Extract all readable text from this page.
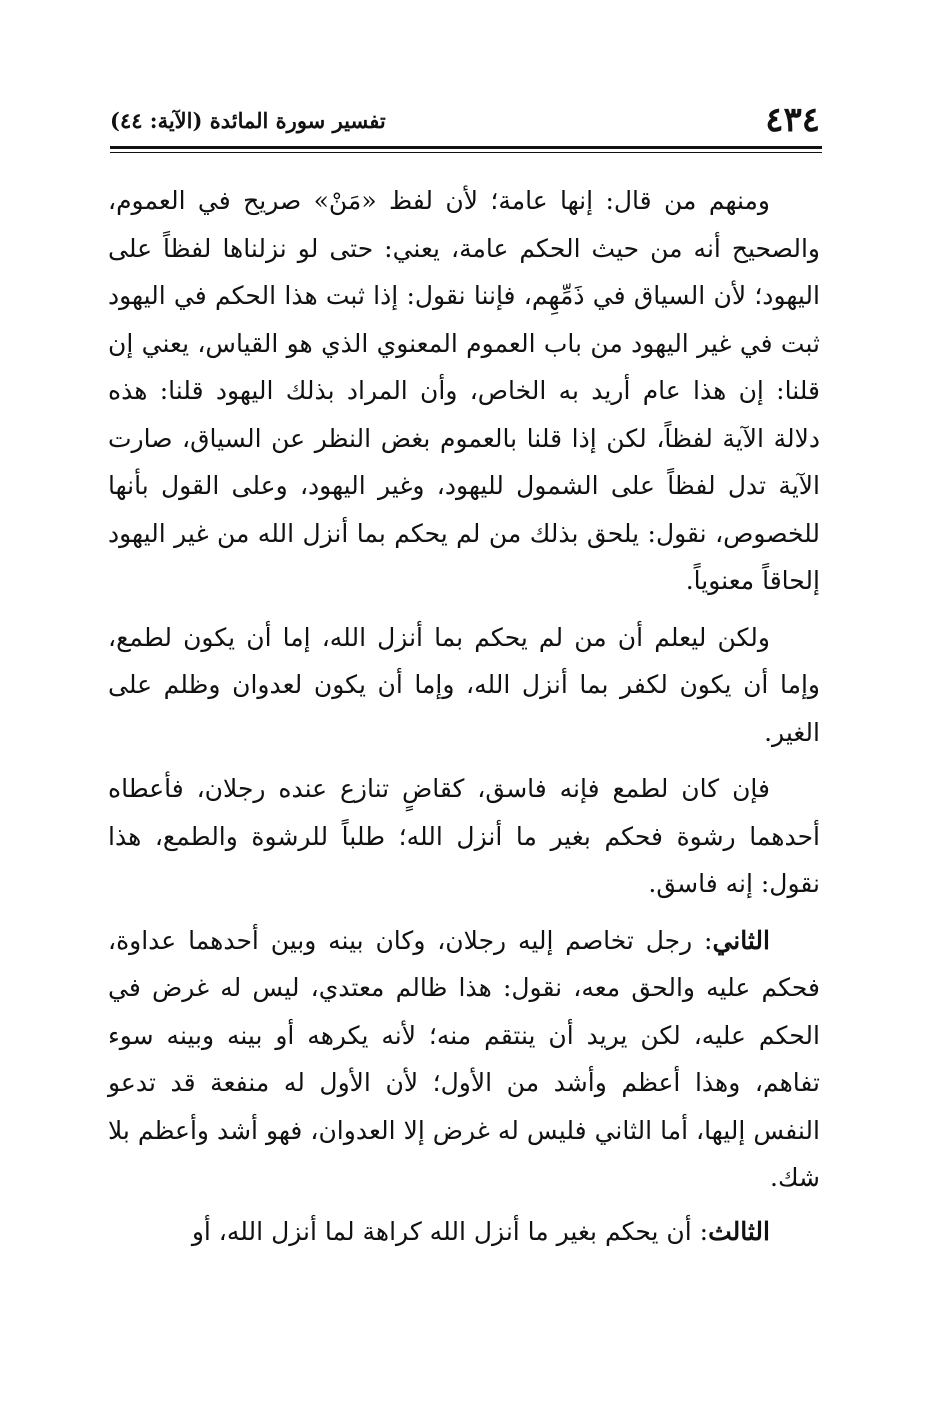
٤٣٤
تفسير سورة المائدة (الآية: ٤٤)

ومنهم من قال: إنها عامة؛ لأن لفظ «مَنْ» صريح في العموم، والصحيح أنه من حيث الحكم عامة، يعني: حتى لو نزلناها لفظاً على اليهود؛ لأن السياق في ذَمِّهِم، فإننا نقول: إذا ثبت هذا الحكم في اليهود ثبت في غير اليهود من باب العموم المعنوي الذي هو القياس، يعني إن قلنا: إن هذا عام أريد به الخاص، وأن المراد بذلك اليهود قلنا: هذه دلالة الآية لفظاً، لكن إذا قلنا بالعموم بغض النظر عن السياق، صارت الآية تدل لفظاً على الشمول لليهود، وغير اليهود، وعلى القول بأنها للخصوص، نقول: يلحق بذلك من لم يحكم بما أنزل الله من غير اليهود إلحاقاً معنوياً.

ولكن ليعلم أن من لم يحكم بما أنزل الله، إما أن يكون لطمع، وإما أن يكون لكفر بما أنزل الله، وإما أن يكون لعدوان وظلم على الغير.

فإن كان لطمع فإنه فاسق، كقاضٍ تنازع عنده رجلان، فأعطاه أحدهما رشوة فحكم بغير ما أنزل الله؛ طلباً للرشوة والطمع، هذا نقول: إنه فاسق.

الثاني: رجل تخاصم إليه رجلان، وكان بينه وبين أحدهما عداوة، فحكم عليه والحق معه، نقول: هذا ظالم معتدي، ليس له غرض في الحكم عليه، لكن يريد أن ينتقم منه؛ لأنه يكرهه أو بينه وبينه سوء تفاهم، وهذا أعظم وأشد من الأول؛ لأن الأول له منفعة قد تدعو النفس إليها، أما الثاني فليس له غرض إلا العدوان، فهو أشد وأعظم بلا شك.

الثالث: أن يحكم بغير ما أنزل الله كراهة لما أنزل الله، أو
